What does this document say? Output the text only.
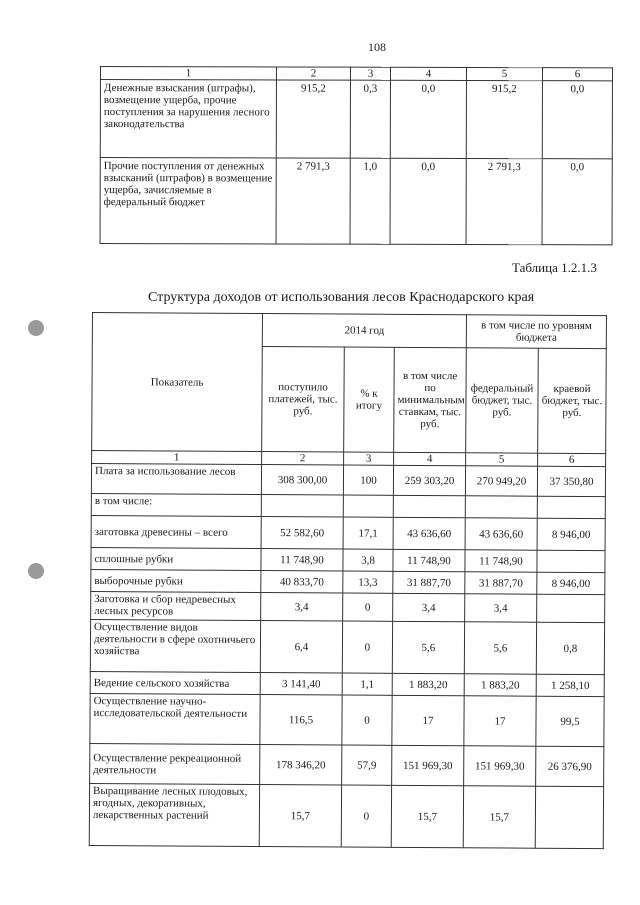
108
1	2	3	4	5	6
Денежные взыскания (штрафы), возмещение ущерба, прочие поступления за нарушения лесного законодательства	915,2	0,3	0,0	915,2	0,0
Прочие поступления от денежных взысканий (штрафов) в возмещение ущерба, зачисляемые в федеральный бюджет	2 791,3	1,0	0,0	2 791,3	0,0
Таблица 1.2.1.3
Структура доходов от использования лесов Краснодарского края
Показатель	2014 год			в том числе по уровням бюджета	
	поступило платежей, тыс. руб.	% к итогу	в том числе по минимальным ставкам, тыс. руб.	федеральный бюджет, тыс. руб.	краевой бюджет, тыс. руб.
1	2	3	4	5	6
Плата за использование лесов	308 300,00	100	259 303,20	270 949,20	37 350,80
в том числе:					
заготовка древесины – всего	52 582,60	17,1	43 636,60	43 636,60	8 946,00
сплошные рубки	11 748,90	3,8	11 748,90	11 748,90	
выборочные рубки	40 833,70	13,3	31 887,70	31 887,70	8 946,00
Заготовка и сбор недревесных лесных ресурсов	3,4	0	3,4	3,4	
Осуществление видов деятельности в сфере охотничьего хозяйства	6,4	0	5,6	5,6	0,8
Ведение сельского хозяйства	3 141,40	1,1	1 883,20	1 883,20	1 258,10
Осуществление научно-исследовательской деятельности	116,5	0	17	17	99,5
Осуществление рекреационной деятельности	178 346,20	57,9	151 969,30	151 969,30	26 376,90
Выращивание лесных плодовых, ягодных, декоративных, лекарственных растений	15,7	0	15,7	15,7	
